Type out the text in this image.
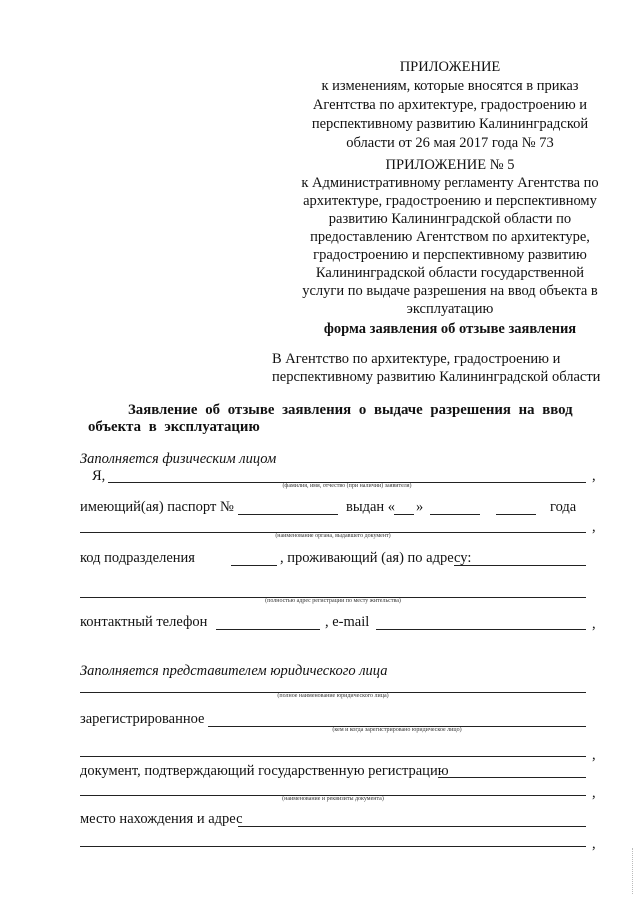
ПРИЛОЖЕНИЕ
к изменениям, которые вносятся в приказ
Агентства по архитектуре, градостроению и
перспективному развитию Калининградской
области от 26 мая 2017 года № 73
ПРИЛОЖЕНИЕ № 5
к Административному регламенту Агентства по
архитектуре, градостроению и перспективному
развитию Калининградской области по
предоставлению Агентством по архитектуре,
градостроению и перспективному развитию
Калининградской области государственной
услуги по выдаче разрешения на ввод объекта в
эксплуатацию
форма заявления об отзыве заявления
В Агентство по архитектуре, градостроению и
перспективному развитию Калининградской области
Заявление об отзыве заявления о выдаче разрешения на ввод
объекта в эксплуатацию
Заполняется физическим лицом
Я,	,
(фамилия, имя, отчество (при наличии) заявителя)
имеющий(ая) паспорт №	выдан « »	года
,
(наименование органа, выдавшего документ)
код подразделения	, проживающий (ая) по адресу:
(полностью адрес регистрации по месту жительства)
контактный телефон	, e-mail	,
Заполняется представителем юридического лица
(полное наименование юридического лица)
зарегистрированное
(кем и когда зарегистрировано юридическое лицо)
,
документ, подтверждающий государственную регистрацию
,
(наименование и реквизиты документа)
место нахождения и адрес
,
